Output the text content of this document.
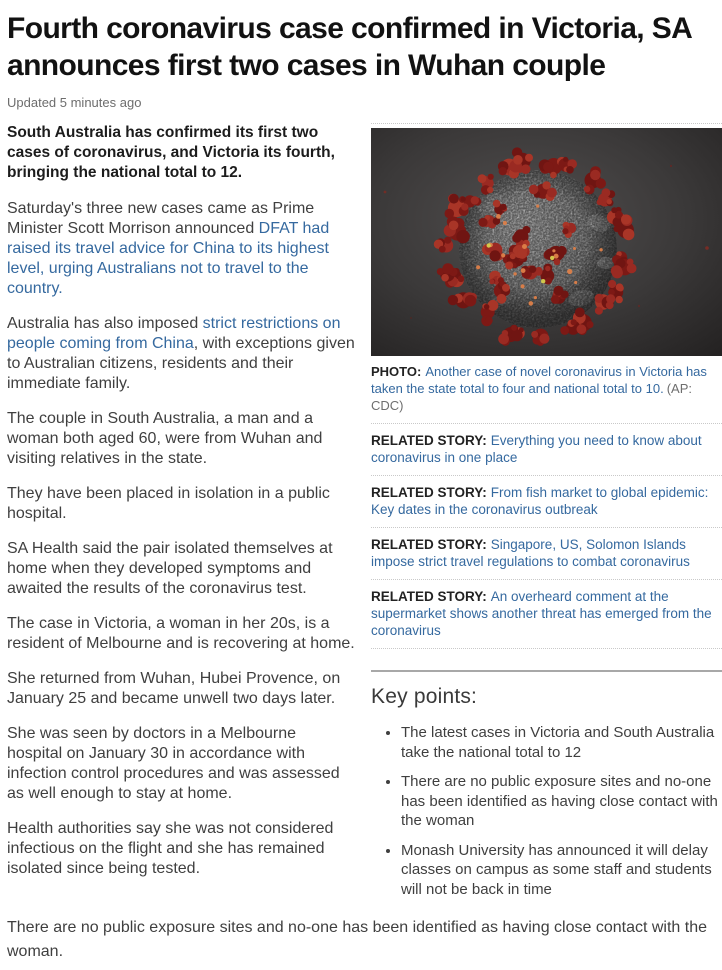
Fourth coronavirus case confirmed in Victoria, SA
announces first two cases in Wuhan couple
Updated 5 minutes ago

South Australia has confirmed its first two cases of coronavirus, and Victoria its fourth, bringing the national total to 12.

Saturday's three new cases came as Prime Minister Scott Morrison announced DFAT had raised its travel advice for China to its highest level, urging Australians not to travel to the country.

Australia has also imposed strict restrictions on people coming from China, with exceptions given to Australian citizens, residents and their immediate family.

The couple in South Australia, a man and a woman both aged 60, were from Wuhan and visiting relatives in the state.

They have been placed in isolation in a public hospital.

SA Health said the pair isolated themselves at home when they developed symptoms and awaited the results of the coronavirus test.

The case in Victoria, a woman in her 20s, is a resident of Melbourne and is recovering at home.

She returned from Wuhan, Hubei Provence, on January 25 and became unwell two days later.

She was seen by doctors in a Melbourne hospital on January 30 in accordance with infection control procedures and was assessed as well enough to stay at home.

Health authorities say she was not considered infectious on the flight and she has remained isolated since being tested.

PHOTO: Another case of novel coronavirus in Victoria has taken the state total to four and national total to 10. (AP: CDC)
RELATED STORY: Everything you need to know about coronavirus in one place
RELATED STORY: From fish market to global epidemic: Key dates in the coronavirus outbreak
RELATED STORY: Singapore, US, Solomon Islands impose strict travel regulations to combat coronavirus
RELATED STORY: An overheard comment at the supermarket shows another threat has emerged from the coronavirus
Key points:
• The latest cases in Victoria and South Australia take the national total to 12
• There are no public exposure sites and no-one has been identified as having close contact with the woman
• Monash University has announced it will delay classes on campus as some staff and students will not be back in time

There are no public exposure sites and no-one has been identified as having close contact with the woman.
